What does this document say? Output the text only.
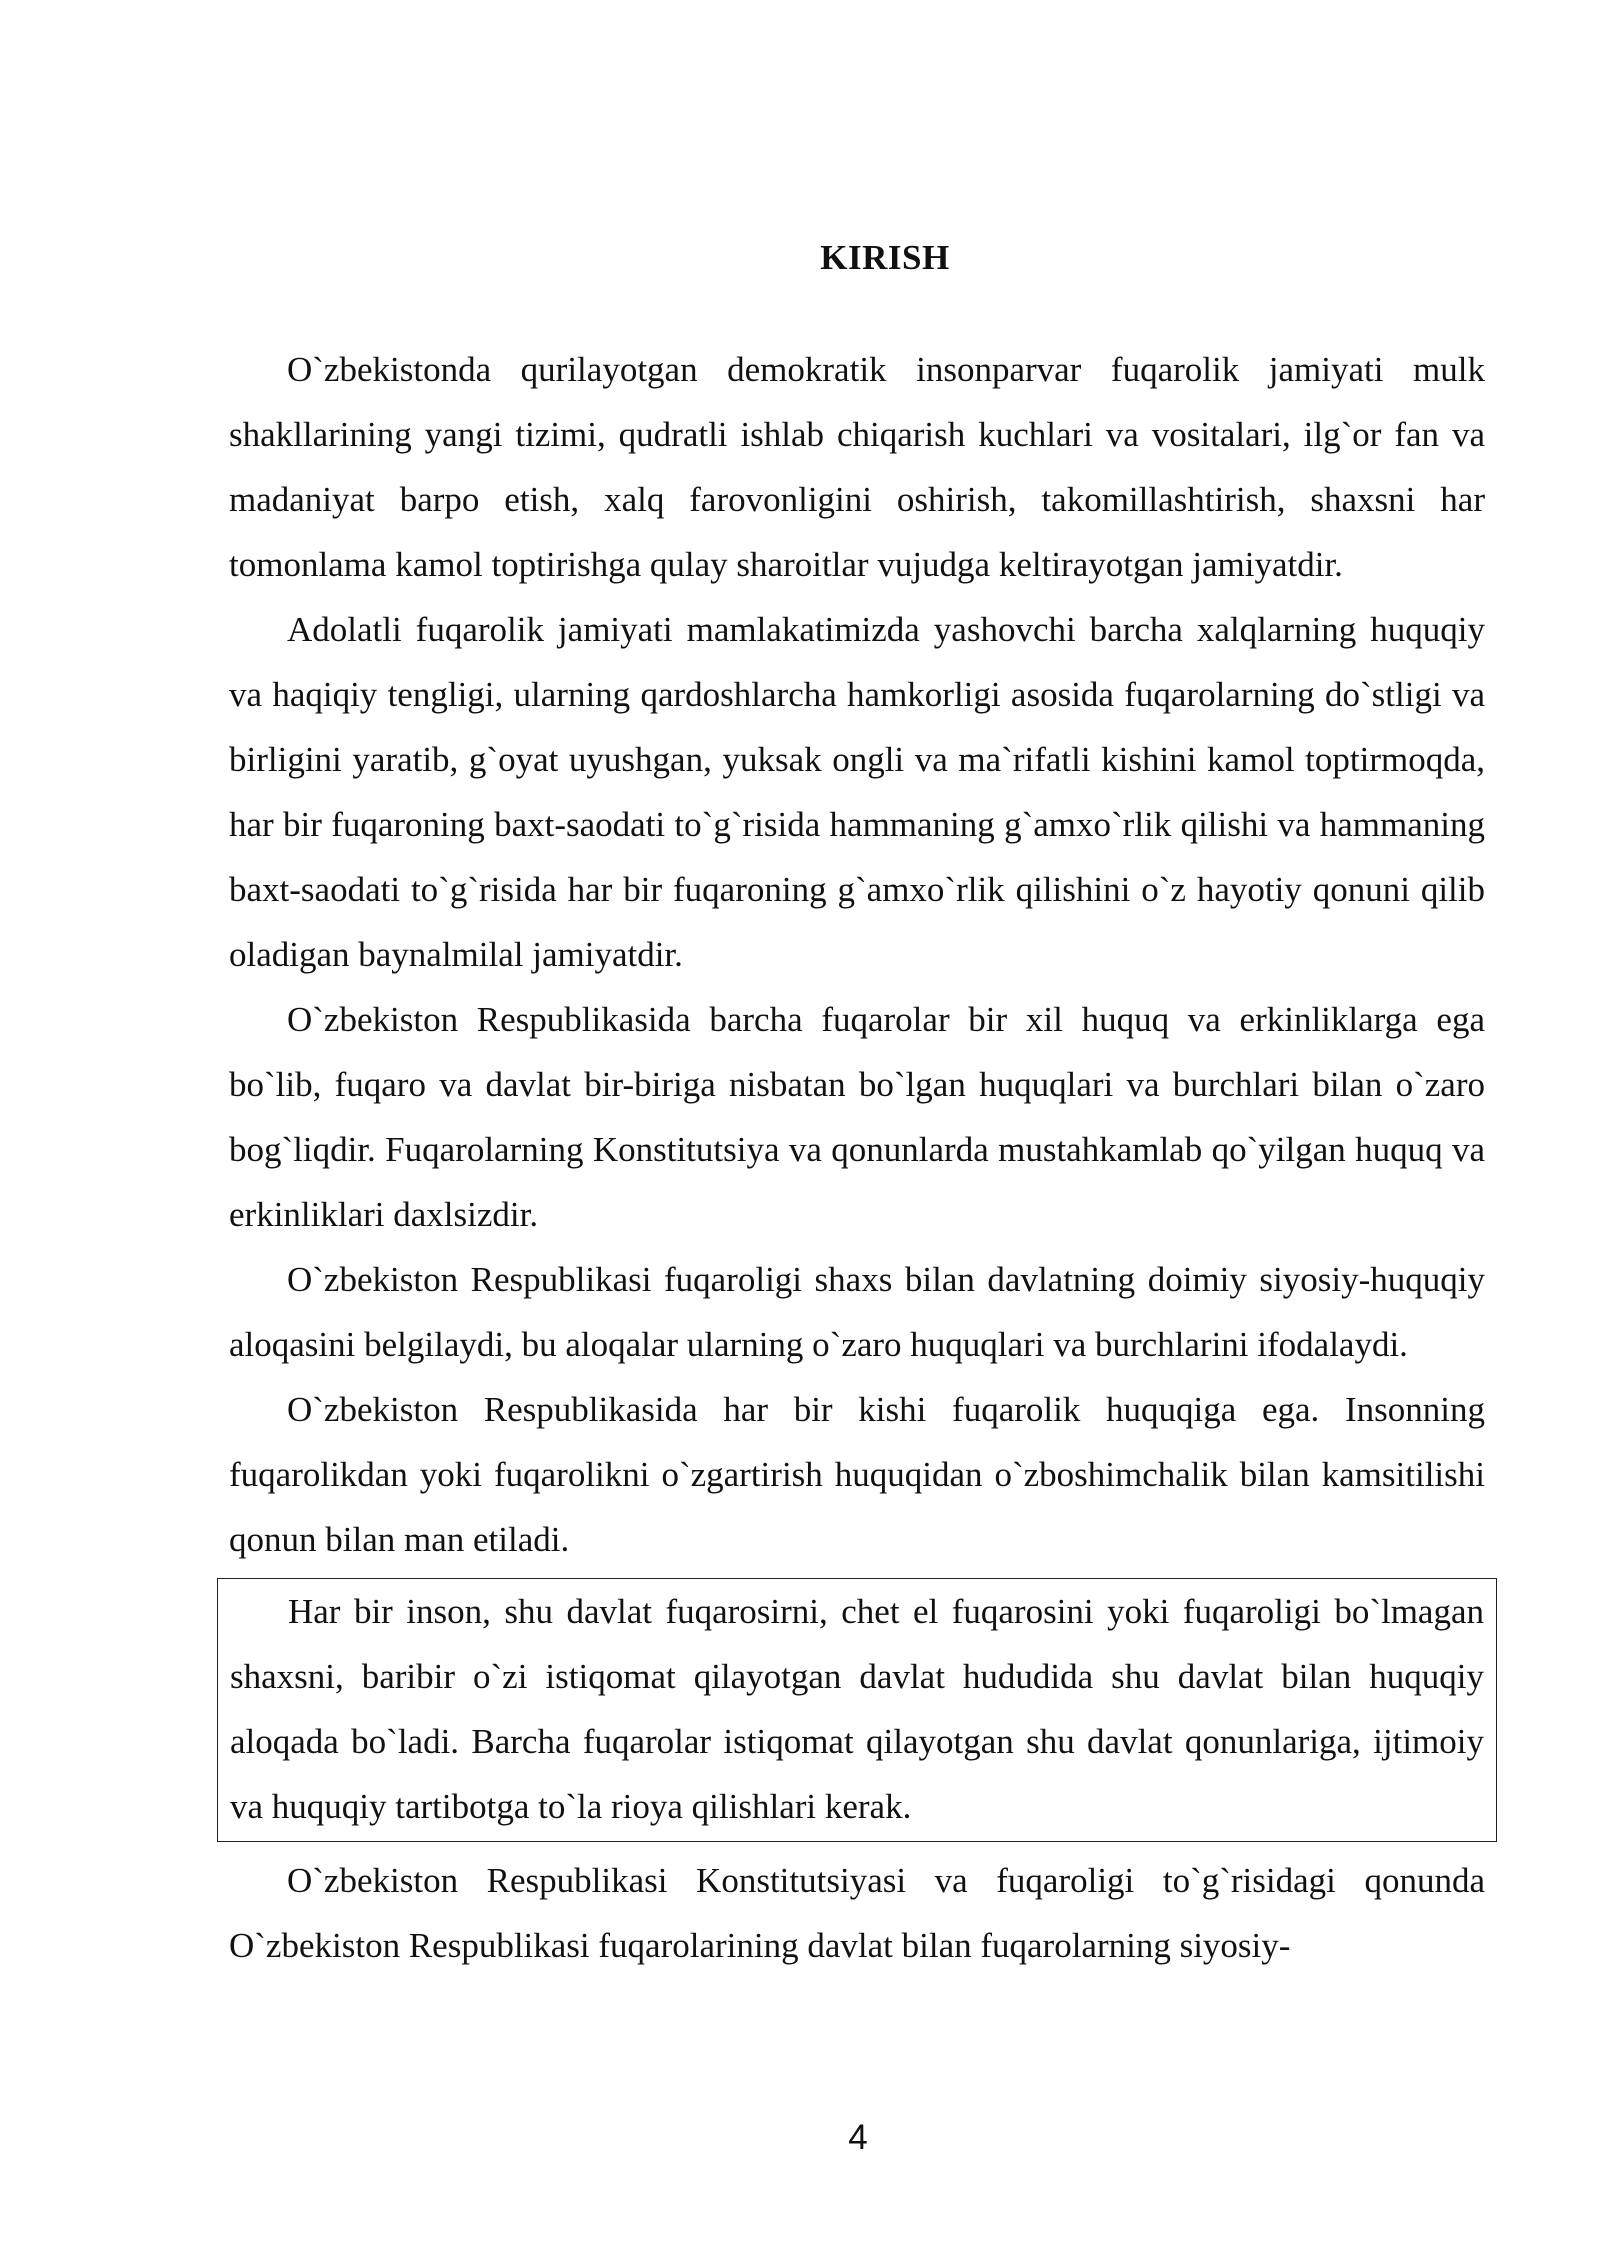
KIRISH

O`zbekistonda qurilayotgan demokratik insonparvar fuqarolik jamiyati mulk shakllarining yangi tizimi, qudratli ishlab chiqarish kuchlari va vositalari, ilg`or fan va madaniyat barpo etish, xalq farovonligini oshirish, takomillashtirish, shaxsni har tomonlama kamol toptirishga qulay sharoitlar vujudga keltirayotgan jamiyatdir.

Adolatli fuqarolik jamiyati mamlakatimizda yashovchi barcha xalqlarning huquqiy va haqiqiy tengligi, ularning qardoshlarcha hamkorligi asosida fuqarolarning do`stligi va birligini yaratib, g`oyat uyushgan, yuksak ongli va ma`rifatli kishini kamol toptirmoqda, har bir fuqaroning baxt-saodati to`g`risida hammaning g`amxo`rlik qilishi va hammaning baxt-saodati to`g`risida har bir fuqaroning g`amxo`rlik qilishini o`z hayotiy qonuni qilib oladigan baynalmilal jamiyatdir.

O`zbekiston Respublikasida barcha fuqarolar bir xil huquq va erkinliklarga ega bo`lib, fuqaro va davlat bir-biriga nisbatan bo`lgan huquqlari va burchlari bilan o`zaro bog`liqdir. Fuqarolarning Konstitutsiya va qonunlarda mustahkamlab qo`yilgan huquq va erkinliklari daxlsizdir.

O`zbekiston Respublikasi fuqaroligi shaxs bilan davlatning doimiy siyosiy-huquqiy aloqasini belgilaydi, bu aloqalar ularning o`zaro huquqlari va burchlarini ifodalaydi.

O`zbekiston Respublikasida har bir kishi fuqarolik huquqiga ega. Insonning fuqarolikdan yoki fuqarolikni o`zgartirish huquqidan o`zboshimchalik bilan kamsitilishi qonun bilan man etiladi.

Har bir inson, shu davlat fuqarosirni, chet el fuqarosini yoki fuqaroligi bo`lmagan shaxsni, baribir o`zi istiqomat qilayotgan davlat hududida shu davlat bilan huquqiy aloqada bo`ladi. Barcha fuqarolar istiqomat qilayotgan shu davlat qonunlariga, ijtimoiy va huquqiy tartibotga to`la rioya qilishlari kerak.

O`zbekiston Respublikasi Konstitutsiyasi va fuqaroligi to`g`risidagi qonunda O`zbekiston Respublikasi fuqarolarining davlat bilan fuqarolarning siyosiy-

4
